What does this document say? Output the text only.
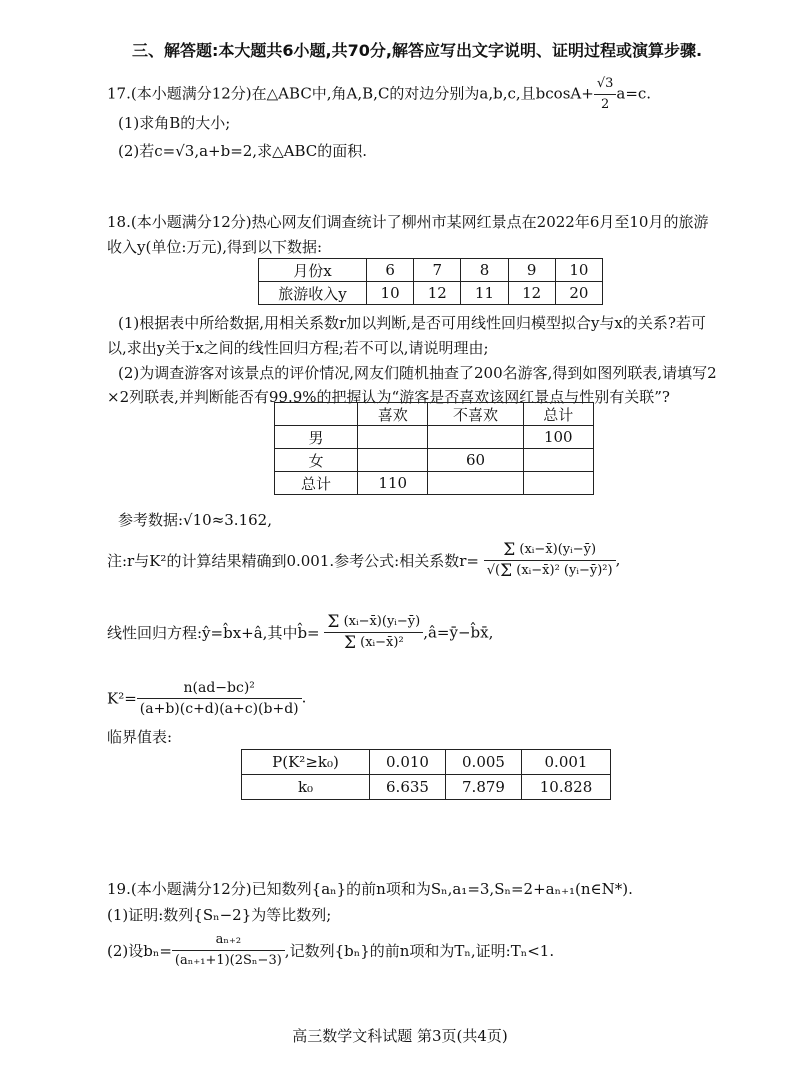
三、解答题:本大题共6小题,共70分,解答应写出文字说明、证明过程或演算步骤.
17.(本小题满分12分)在△ABC中,角A,B,C的对边分别为a,b,c,且$bcosA+ \frac{√3}{2} a=c$.
(1)求角B的大小;
(2)若c=√3,a+b=2,求△ABC的面积.
18.(本小题满分12分)热心网友们调查统计了柳州市某网红景点在2022年6月至10月的旅游
收入y(单位:万元),得到以下数据:
月份x	6	7	8	9	10
旅游收入y	10	12	11	12	20
(1)根据表中所给数据,用相关系数r加以判断,是否可用线性回归模型拟合y与x的关系?若可
以,求出y关于x之间的线性回归方程;若不可以,请说明理由;
(2)为调查游客对该景点的评价情况,网友们随机抽查了200名游客,得到如图列联表,请填写2
×2列联表,并判断能否有99.9%的把握认为“游客是否喜欢该网红景点与性别有关联”?
	喜欢	不喜欢	总计
男			100
女		60	
总计	110		
参考数据:√10≈3.162,
注:r与K²的计算结果精确到0.001.参考公式:相关系数$r= \frac{\text{Σ (xᵢ−x̄)(yᵢ−ȳ)}}{\text{√( Σ (xᵢ−x̄)² (yᵢ−ȳ)²)}}$ ,
线性回归方程:ŷ=b̂x+â,其中b̂= $\frac{\text{Σ (xᵢ−x̄)(yᵢ−ȳ)}}{\text{Σ (xᵢ−x̄)²}}$ ,â=ȳ−b̂x̄,
$K^2= \frac{\text{n(ad−bc)²}}{(a+b)(c+d)(a+c)(b+d)}$ .
临界值表:
P(K²≥k₀)	0.010	0.005	0.001
k₀	6.635	7.879	10.828
19.(本小题满分12分)已知数列{aₙ}的前n项和为Sₙ,a₁=3,Sₙ=2+aₙ₊₁(n∈N*).
(1)证明:数列{Sₙ−2}为等比数列;
(2)设$b_n= \frac{\text{aₙ₊₂}}{\text{(aₙ₊₁+1)(2Sₙ−3)}}$ ,记数列{bₙ}的前n项和为Tₙ,证明:Tₙ<1.
高三数学文科试题 第3页(共4页)
